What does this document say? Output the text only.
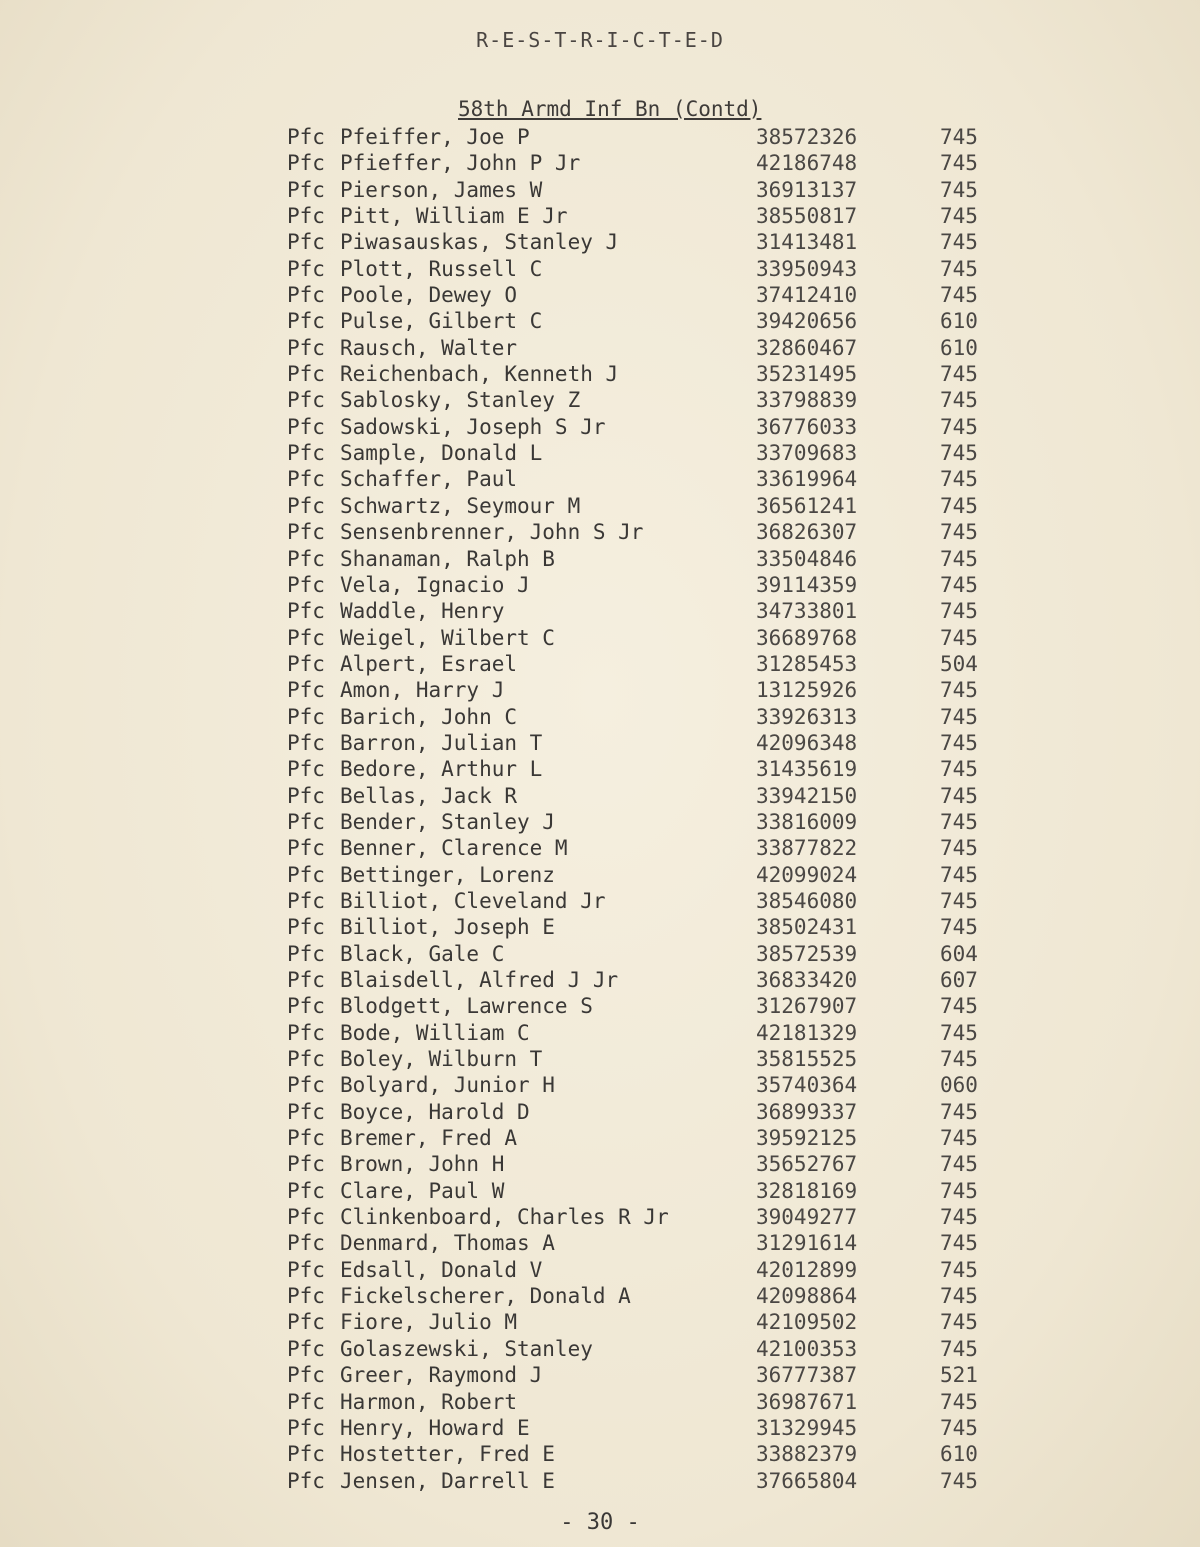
R-E-S-T-R-I-C-T-E-D
58th Armd Inf Bn (Contd)
Pfc Pfeiffer, Joe P	38572326	745
Pfc Pfieffer, John P Jr	42186748	745
Pfc Pierson, James W	36913137	745
Pfc Pitt, William E Jr	38550817	745
Pfc Piwasauskas, Stanley J	31413481	745
Pfc Plott, Russell C	33950943	745
Pfc Poole, Dewey O	37412410	745
Pfc Pulse, Gilbert C	39420656	610
Pfc Rausch, Walter	32860467	610
Pfc Reichenbach, Kenneth J	35231495	745
Pfc Sablosky, Stanley Z	33798839	745
Pfc Sadowski, Joseph S Jr	36776033	745
Pfc Sample, Donald L	33709683	745
Pfc Schaffer, Paul	33619964	745
Pfc Schwartz, Seymour M	36561241	745
Pfc Sensenbrenner, John S Jr	36826307	745
Pfc Shanaman, Ralph B	33504846	745
Pfc Vela, Ignacio J	39114359	745
Pfc Waddle, Henry	34733801	745
Pfc Weigel, Wilbert C	36689768	745
Pfc Alpert, Esrael	31285453	504
Pfc Amon, Harry J	13125926	745
Pfc Barich, John C	33926313	745
Pfc Barron, Julian T	42096348	745
Pfc Bedore, Arthur L	31435619	745
Pfc Bellas, Jack R	33942150	745
Pfc Bender, Stanley J	33816009	745
Pfc Benner, Clarence M	33877822	745
Pfc Bettinger, Lorenz	42099024	745
Pfc Billiot, Cleveland Jr	38546080	745
Pfc Billiot, Joseph E	38502431	745
Pfc Black, Gale C	38572539	604
Pfc Blaisdell, Alfred J Jr	36833420	607
Pfc Blodgett, Lawrence S	31267907	745
Pfc Bode, William C	42181329	745
Pfc Boley, Wilburn T	35815525	745
Pfc Bolyard, Junior H	35740364	060
Pfc Boyce, Harold D	36899337	745
Pfc Bremer, Fred A	39592125	745
Pfc Brown, John H	35652767	745
Pfc Clare, Paul W	32818169	745
Pfc Clinkenboard, Charles R Jr	39049277	745
Pfc Denmard, Thomas A	31291614	745
Pfc Edsall, Donald V	42012899	745
Pfc Fickelscherer, Donald A	42098864	745
Pfc Fiore, Julio M	42109502	745
Pfc Golaszewski, Stanley	42100353	745
Pfc Greer, Raymond J	36777387	521
Pfc Harmon, Robert	36987671	745
Pfc Henry, Howard E	31329945	745
Pfc Hostetter, Fred E	33882379	610
Pfc Jensen, Darrell E	37665804	745
- 30 -
